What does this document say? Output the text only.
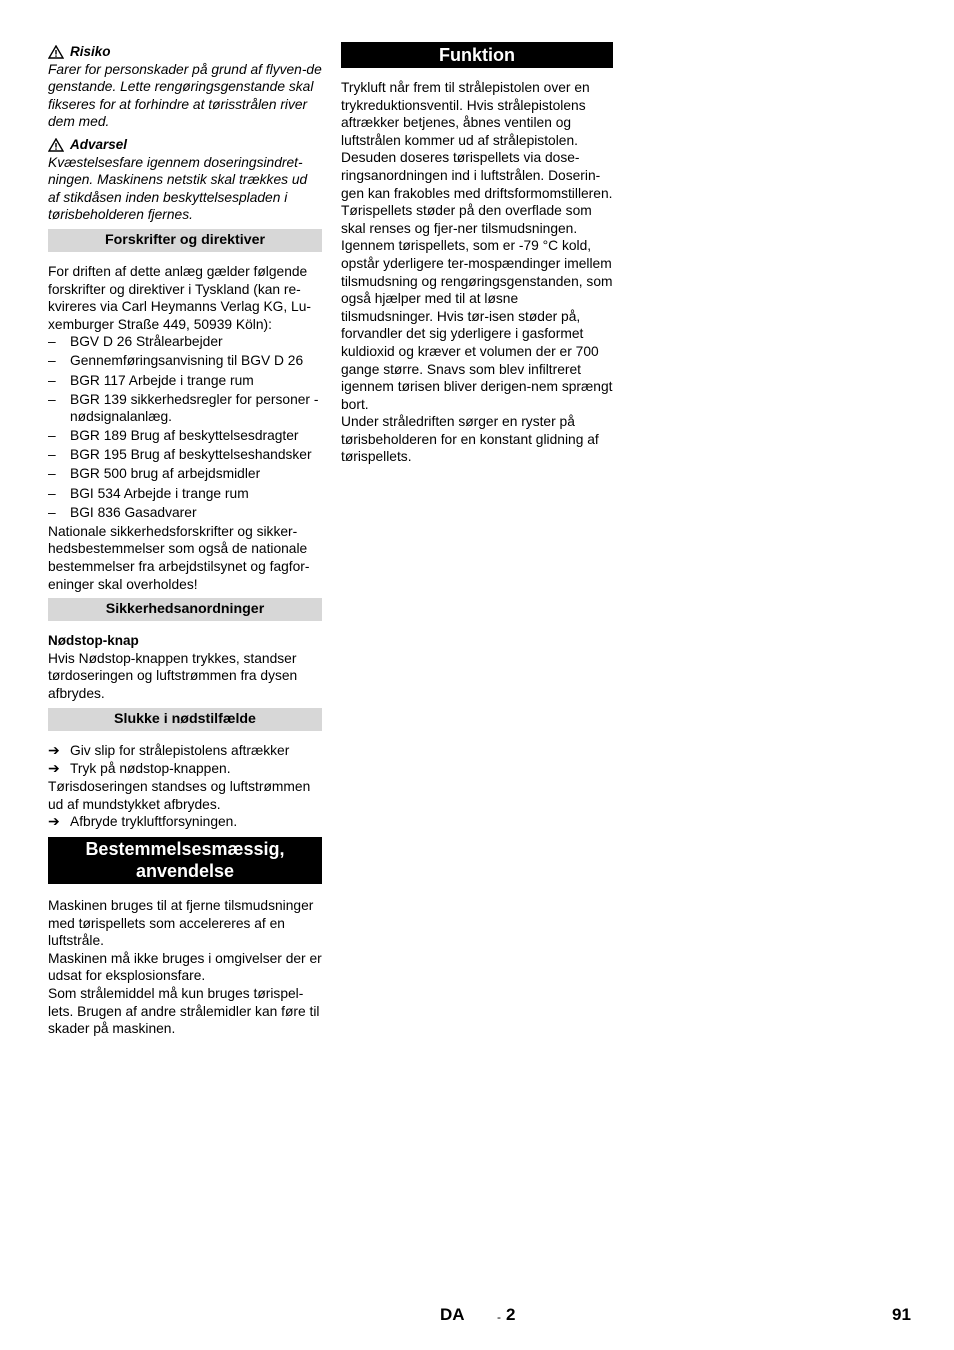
Risiko

Farer for personskader på grund af flyven-de genstande. Lette rengøringsgenstande skal fikseres for at forhindre at tørisstrålen river dem med.

Advarsel

Kvæstelsesfare igennem doseringsindret-ningen. Maskinens netstik skal trækkes ud af stikdåsen inden beskyttelsespladen i tørisbeholderen fjernes.

Forskrifter og direktiver

For driften af dette anlæg gælder følgende forskrifter og direktiver i Tyskland (kan re-kvireres via Carl Heymanns Verlag KG, Lu-xemburger Straße 449, 50939 Köln):

– BGV D 26 Strålearbejder
– Gennemføringsanvisning til BGV D 26
– BGR 117 Arbejde i trange rum
– BGR 139 sikkerhedsregler for personer - nødsignalanlæg.
– BGR 189 Brug af beskyttelsesdragter
– BGR 195 Brug af beskyttelseshandsker
– BGR 500 brug af arbejdsmidler
– BGI 534 Arbejde i trange rum
– BGI 836 Gasadvarer

Nationale sikkerhedsforskrifter og sikker-hedsbestemmelser som også de nationale bestemmelser fra arbejdstilsynet og fagfor-eninger skal overholdes!

Sikkerhedsanordninger
Nødstop-knap

Hvis Nødstop-knappen trykkes, standser tørdoseringen og luftstrømmen fra dysen afbrydes.

Slukke i nødstilfælde
➔ Giv slip for strålepistolens aftrækker
➔ Tryk på nødstop-knappen.

Tørisdoseringen standses og luftstrømmen ud af mundstykket afbrydes.

➔ Afbryde trykluftforsyningen.
Bestemmelsesmæssig,
anvendelse

Maskinen bruges til at fjerne tilsmudsninger med tørispellets som accelereres af en luftstråle.

Maskinen må ikke bruges i omgivelser der er udsat for eksplosionsfare.

Som strålemiddel må kun bruges tørispel-lets. Brugen af andre strålemidler kan føre til skader på maskinen.

Funktion

Trykluft når frem til strålepistolen over en trykreduktionsventil. Hvis strålepistolens aftrækker betjenes, åbnes ventilen og luftstrålen kommer ud af strålepistolen. Desuden doseres tørispellets via dose-ringsanordningen ind i luftstrålen. Doserin-gen kan frakobles med driftsformomstilleren. Tørispellets støder på den overflade som skal renses og fjer-ner tilsmudsningen. Igennem tørispellets, som er -79 °C kold, opstår yderligere ter-mospændinger imellem tilsmudsning og rengøringsgenstanden, som også hjælper med til at løsne tilsmudsninger. Hvis tør-isen støder på, forvandler det sig yderligere i gasformet kuldioxid og kræver et volumen der er 700 gange større. Snavs som blev infiltreret igennem tørisen bliver derigen-nem sprængt bort.

Under stråledriften sørger en ryster på tørisbeholderen for en konstant glidning af tørispellets.

DA	- 2	91
